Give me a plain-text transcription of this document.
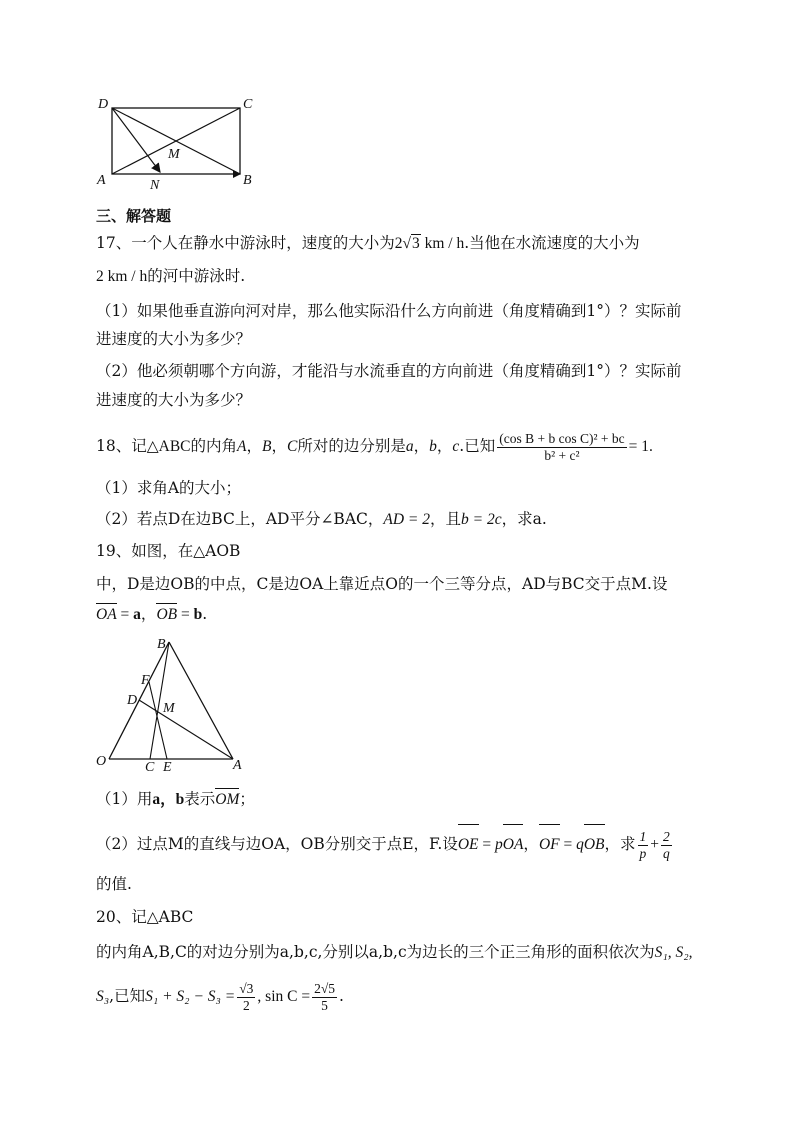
D	C
M
A	N	B
三、解答题
17、一个人在静水中游泳时，速度的大小为2√3 km / h.当他在水流速度的大小为
2 km / h的河中游泳时.
（1）如果他垂直游向河对岸，那么他实际沿什么方向前进（角度精确到1°）？实际前
进速度的大小为多少？
（2）他必须朝哪个方向游，才能沿与水流垂直的方向前进（角度精确到1°）？实际前
进速度的大小为多少？
18、记△ABC的内角A，B，C所对的边分别是a，b，c.已知 $\frac{\text{(cos B + b cos C)² + bc}}{\text{b² + c²}} = 1$.
（1）求角A的大小；
（2）若点D在边BC上，AD平分∠BAC，AD = 2，且b = 2c，求a.
19、如图，在△AOB
中，D是边OB的中点，C是边OA上靠近点O的一个三等分点，AD与BC交于点M.设
OA = a，OB = b.
B
F
D
M
O	C E	A
（1）用a，b表示OM；
（2）过点M的直线与边OA，OB分别交于点E，F.设OE = pOA，OF = qOB，求 $\frac{1}{p} + \frac{2}{q}$
的值.
20、记△ABC
的内角A,B,C的对边分别为a,b,c,分别以a,b,c为边长的三个正三角形的面积依次为S₁, S₂,
S₃,已知$S_1 + S_2 - S_3 = \frac{√3}{2}$ , $\sin C = \frac{2√5}{5}$ .
